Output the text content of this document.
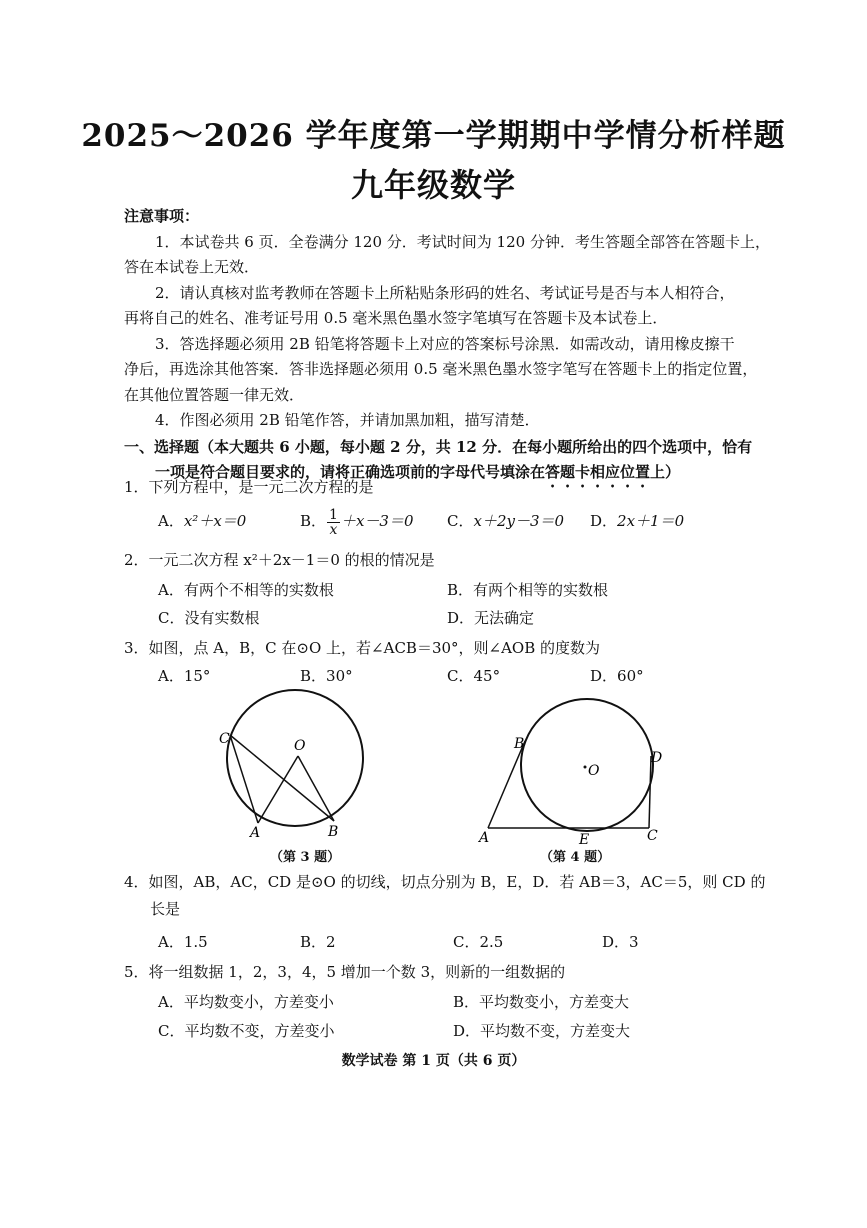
2025～2026 学年度第一学期期中学情分析样题
九年级数学
注意事项：
1．本试卷共 6 页．全卷满分 120 分．考试时间为 120 分钟．考生答题全部答在答题卡上，
答在本试卷上无效．
2．请认真核对监考教师在答题卡上所粘贴条形码的姓名、考试证号是否与本人相符合，
再将自己的姓名、准考证号用 0.5 毫米黑色墨水签字笔填写在答题卡及本试卷上．
3．答选择题必须用 2B 铅笔将答题卡上对应的答案标号涂黑．如需改动，请用橡皮擦干
净后，再选涂其他答案．答非选择题必须用 0.5 毫米黑色墨水签字笔写在答题卡上的指定位置，
在其他位置答题一律无效．
4．作图必须用 2B 铅笔作答，并请加黑加粗，描写清楚．
一、选择题（本大题共 6 小题，每小题 2 分，共 12 分．在每小题所给出的四个选项中，恰有
一项是符合题目要求的，请将正确选项前的字母代号填涂在答题卡相应位置上）
1．下列方程中，是一元二次方程的是
A．x²＋x＝0	B． $\frac{1}{x} +x-3=0$ C．x＋2y－3＝0 D．2x＋1＝0
2．一元二次方程 x²＋2x－1＝0 的根的情况是
A．有两个不相等的实数根	B．有两个相等的实数根
C．没有实数根	D．无法确定
3．如图，点 A，B，C 在⊙O 上，若∠ACB＝30°，则∠AOB 的度数为
A．15°	B．30°	C．45°	D．60°
C	O
A	B
（第 3 题）
B
O
D
A	E	C
（第 4 题）
4．如图，AB，AC，CD 是⊙O 的切线，切点分别为 B，E，D．若 AB＝3，AC＝5，则 CD 的
长是
A．1.5	B．2	C．2.5	D．3
5．将一组数据 1，2，3，4，5 增加一个数 3，则新的一组数据的
A．平均数变小，方差变小	B．平均数变小，方差变大
C．平均数不变，方差变小	D．平均数不变，方差变大
数学试卷 第 1 页（共 6 页）
